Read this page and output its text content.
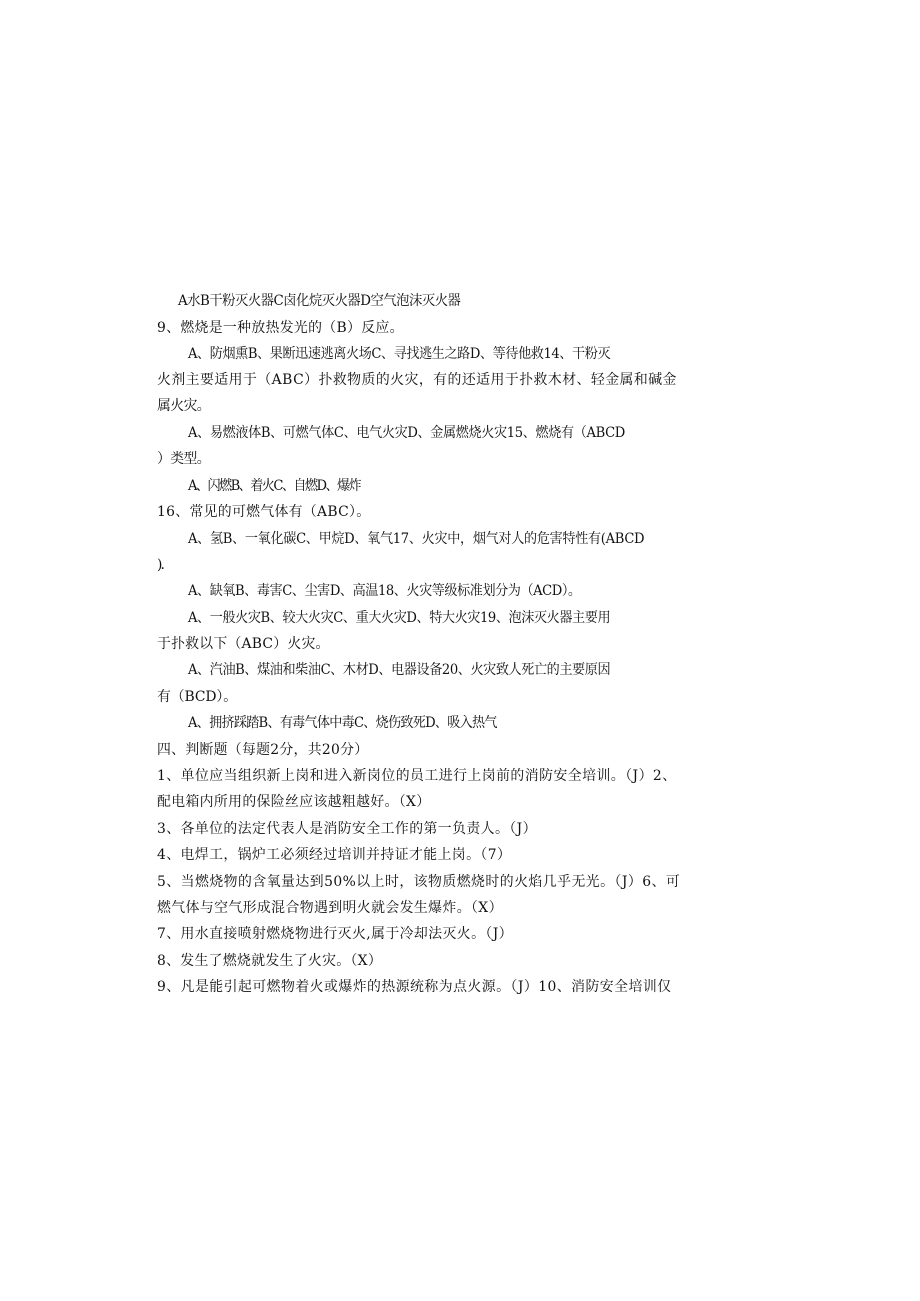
A水B干粉灭火器C卤化烷灭火器D空气泡沫灭火器
9、燃烧是一种放热发光的（B）反应。
A、防烟熏B、果断迅速逃离火场C、寻找逃生之路D、等待他救14、干粉灭
火剂主要适用于（ABC）扑救物质的火灾，有的还适用于扑救木材、轻金属和碱金
属火灾。
A、易燃液体B、可燃气体C、电气火灾D、金属燃烧火灾15、燃烧有（ABCD
）类型。
A、闪燃B、着火C、自燃D、爆炸
16、常见的可燃气体有（ABC）。
A、氢B、一氧化碳C、甲烷D、氧气17、火灾中，烟气对人的危害特性有(ABCD
)．
A、缺氧B、毒害C、尘害D、高温18、火灾等级标准划分为（ACD）。
A、一般火灾B、较大火灾C、重大火灾D、特大火灾19、泡沫灭火器主要用
于扑救以下（ABC）火灾。
A、汽油B、煤油和柴油C、木材D、电器设备20、火灾致人死亡的主要原因
有（BCD）。
A、拥挤踩踏B、有毒气体中毒C、烧伤致死D、吸入热气
四、判断题（每题2分，共20分）
1、单位应当组织新上岗和进入新岗位的员工进行上岗前的消防安全培训。（J）2、
配电箱内所用的保险丝应该越粗越好。（X）
3、各单位的法定代表人是消防安全工作的第一负责人。（J）
4、电焊工，锅炉工必须经过培训并持证才能上岗。（7）
5、当燃烧物的含氧量达到50%以上时，该物质燃烧时的火焰几乎无光。（J）6、可
燃气体与空气形成混合物遇到明火就会发生爆炸。（X）
7、用水直接喷射燃烧物进行灭火,属于冷却法灭火。（J）
8、发生了燃烧就发生了火灾。（X）
9、凡是能引起可燃物着火或爆炸的热源统称为点火源。（J）10、消防安全培训仅
